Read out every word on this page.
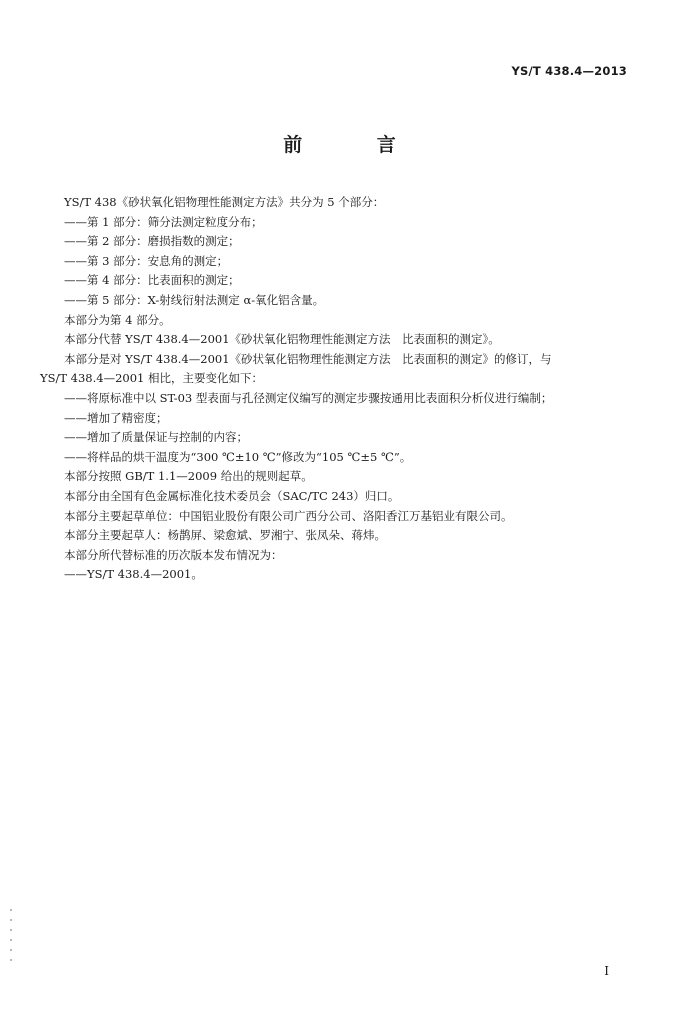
YS/T 438.4—2013
前 言

YS/T 438《砂状氧化铝物理性能测定方法》共分为 5 个部分：

——第 1 部分：筛分法测定粒度分布；

——第 2 部分：磨损指数的测定；

——第 3 部分：安息角的测定；

——第 4 部分：比表面积的测定；

——第 5 部分：X-射线衍射法测定 α-氧化铝含量。

本部分为第 4 部分。

本部分代替 YS/T 438.4—2001《砂状氧化铝物理性能测定方法　比表面积的测定》。

本部分是对 YS/T 438.4—2001《砂状氧化铝物理性能测定方法　比表面积的测定》的修订，与

YS/T 438.4—2001 相比，主要变化如下：

——将原标准中以 ST-03 型表面与孔径测定仪编写的测定步骤按通用比表面积分析仪进行编制；

——增加了精密度；

——增加了质量保证与控制的内容；

——将样品的烘干温度为“300 ℃±10 ℃”修改为“105 ℃±5 ℃”。

本部分按照 GB/T 1.1—2009 给出的规则起草。

本部分由全国有色金属标准化技术委员会（SAC/TC 243）归口。

本部分主要起草单位：中国铝业股份有限公司广西分公司、洛阳香江万基铝业有限公司。

本部分主要起草人：杨鹊屏、梁愈斌、罗湘宁、张凤朵、蒋炜。

本部分所代替标准的历次版本发布情况为：

——YS/T 438.4—2001。

I
